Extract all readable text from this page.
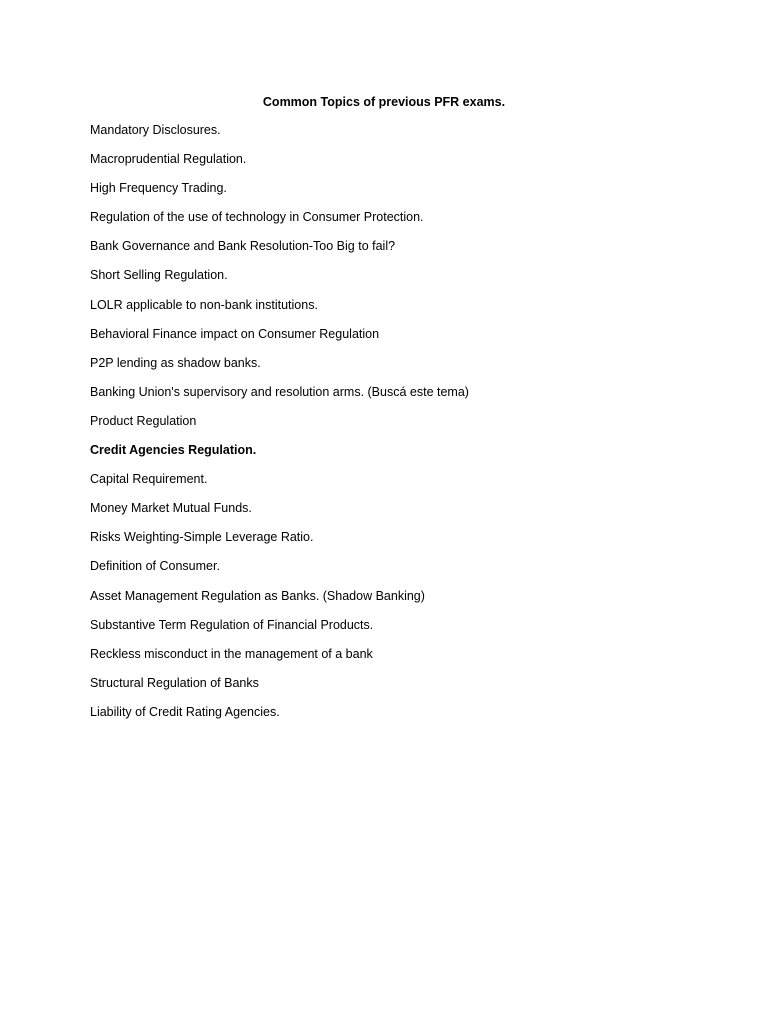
Common Topics of previous PFR exams.
Mandatory Disclosures.
Macroprudential Regulation.
High Frequency Trading.
Regulation of the use of technology in Consumer Protection.
Bank Governance and Bank Resolution-Too Big to fail?
Short Selling Regulation.
LOLR applicable to non-bank institutions.
Behavioral Finance impact on Consumer Regulation
P2P lending as shadow banks.
Banking Union's supervisory and resolution arms. (Buscá este tema)
Product Regulation
Credit Agencies Regulation.
Capital Requirement.
Money Market Mutual Funds.
Risks Weighting-Simple Leverage Ratio.
Definition of Consumer.
Asset Management Regulation as Banks. (Shadow Banking)
Substantive Term Regulation of Financial Products.
Reckless misconduct in the management of a bank
Structural Regulation of Banks
Liability of Credit Rating Agencies.
